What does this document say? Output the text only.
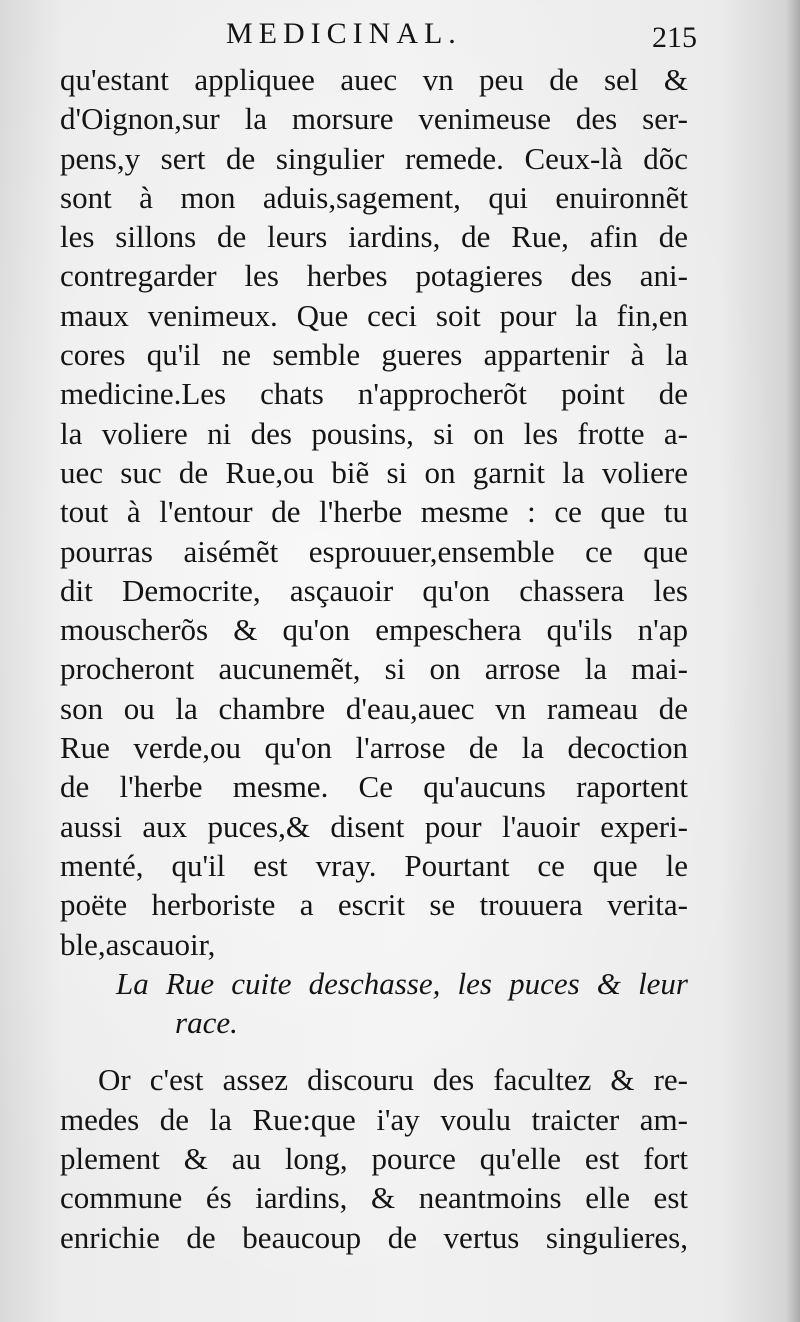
MEDICINAL.	215
qu'estant appliquee auec vn peu de sel &
d'Oignon,sur la morsure venimeuse des ser-
pens,y sert de singulier remede. Ceux-là dõc
sont à mon aduis,sagement, qui enuironnẽt
les sillons de leurs iardins, de Rue, afin de
contregarder les herbes potagieres des ani-
maux venimeux. Que ceci soit pour la fin,en
cores qu'il ne semble gueres appartenir à la
medicine.Les chats n'approcherõt point de
la voliere ni des pousins, si on les frotte a-
uec suc de Rue,ou biẽ si on garnit la voliere
tout à l'entour de l'herbe mesme : ce que tu
pourras aisémẽt esprouuer,ensemble ce que
dit Democrite, asçauoir qu'on chassera les
mouscherõs & qu'on empeschera qu'ils n'ap
procheront aucunemẽt, si on arrose la mai-
son ou la chambre d'eau,auec vn rameau de
Rue verde,ou qu'on l'arrose de la decoction
de l'herbe mesme. Ce qu'aucuns raportent
aussi aux puces,& disent pour l'auoir experi-
menté, qu'il est vray. Pourtant ce que le
poëte herboriste a escrit se trouuera verita-
ble,ascauoir,
La Rue cuite deschasse, les puces & leur
race.
Or c'est assez discouru des facultez & re-
medes de la Rue:que i'ay voulu traicter am-
plement & au long, pource qu'elle est fort
commune és iardins, & neantmoins elle est
enrichie de beaucoup de vertus singulieres,
